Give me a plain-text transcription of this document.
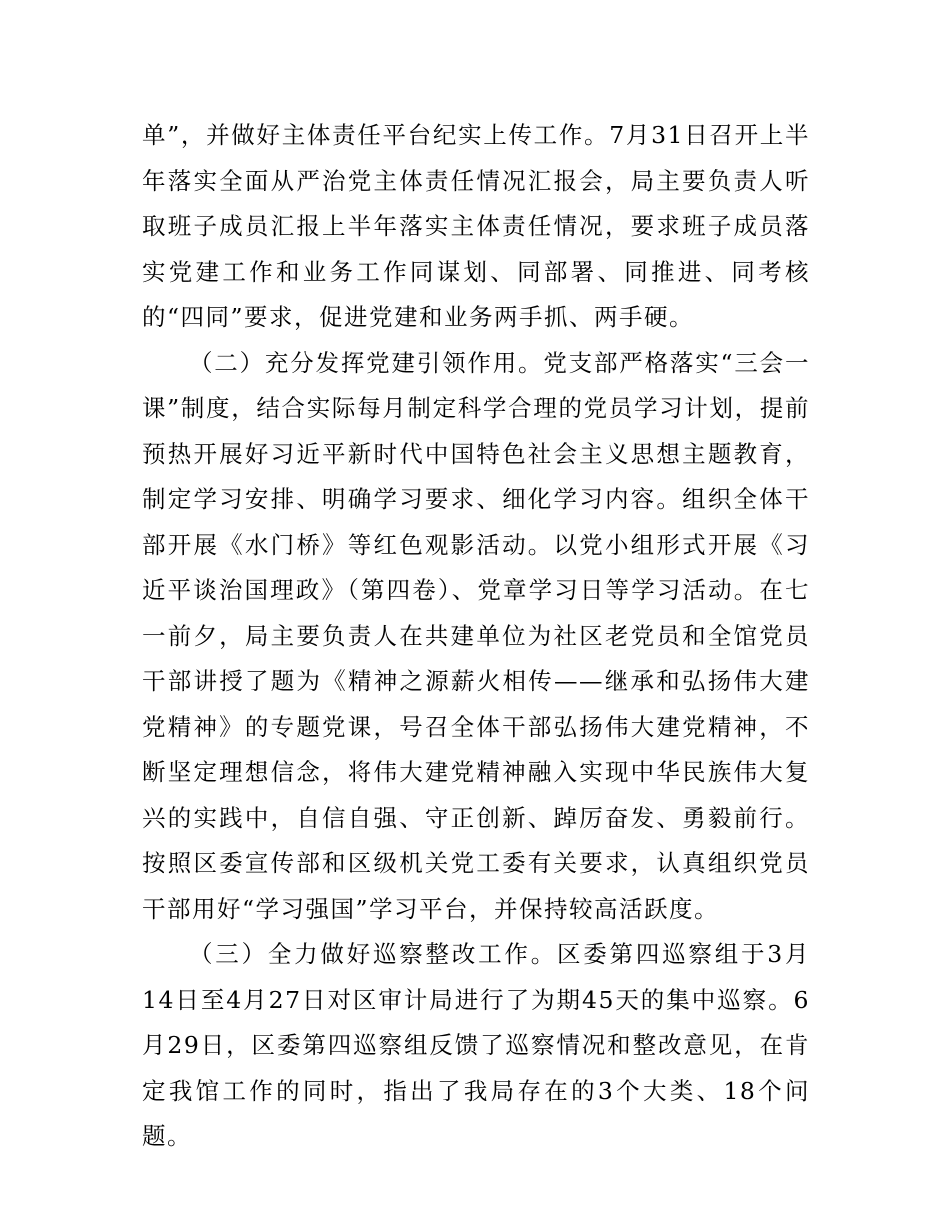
单”，并做好主体责任平台纪实上传工作。7月31日召开上半年落实全面从严治党主体责任情况汇报会，局主要负责人听取班子成员汇报上半年落实主体责任情况，要求班子成员落实党建工作和业务工作同谋划、同部署、同推进、同考核的“四同”要求，促进党建和业务两手抓、两手硬。

（二）充分发挥党建引领作用。党支部严格落实“三会一课”制度，结合实际每月制定科学合理的党员学习计划，提前预热开展好习近平新时代中国特色社会主义思想主题教育，制定学习安排、明确学习要求、细化学习内容。组织全体干部开展《水门桥》等红色观影活动。以党小组形式开展《习近平谈治国理政》（第四卷）、党章学习日等学习活动。在七一前夕，局主要负责人在共建单位为社区老党员和全馆党员干部讲授了题为《精神之源薪火相传——继承和弘扬伟大建党精神》的专题党课，号召全体干部弘扬伟大建党精神，不断坚定理想信念，将伟大建党精神融入实现中华民族伟大复兴的实践中，自信自强、守正创新、踔厉奋发、勇毅前行。按照区委宣传部和区级机关党工委有关要求，认真组织党员干部用好“学习强国”学习平台，并保持较高活跃度。

（三）全力做好巡察整改工作。区委第四巡察组于3月14日至4月27日对区审计局进行了为期45天的集中巡察。6月29日，区委第四巡察组反馈了巡察情况和整改意见，在肯定我馆工作的同时，指出了我局存在的3个大类、18个问题。
